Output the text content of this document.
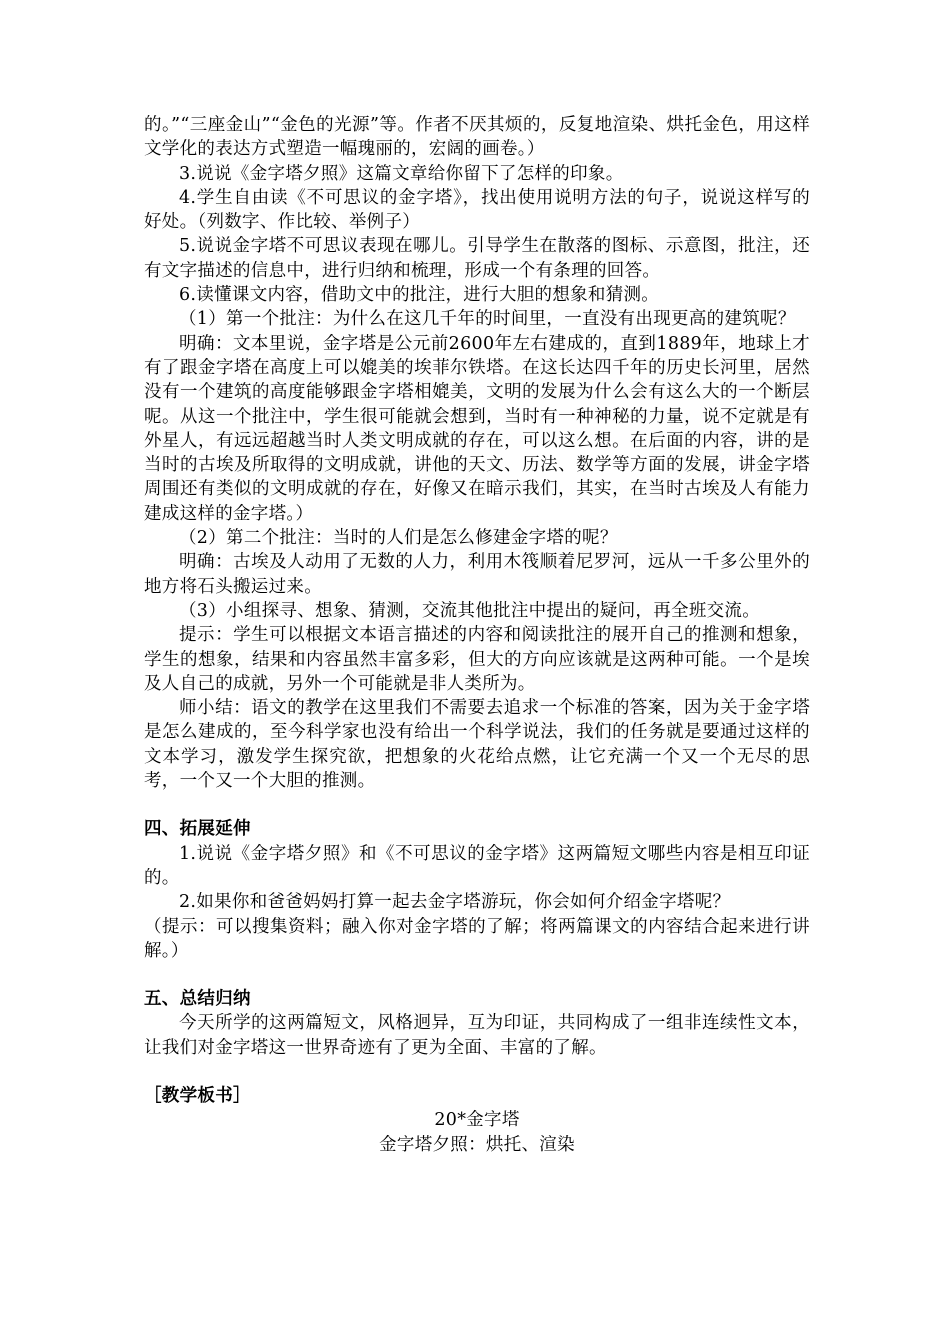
的。”“三座金山”“金色的光源”等。作者不厌其烦的，反复地渲染、烘托金色，用这样文学化的表达方式塑造一幅瑰丽的，宏阔的画卷。）

3.说说《金字塔夕照》这篇文章给你留下了怎样的印象。

4.学生自由读《不可思议的金字塔》，找出使用说明方法的句子，说说这样写的好处。（列数字、作比较、举例子）

5.说说金字塔不可思议表现在哪儿。引导学生在散落的图标、示意图，批注，还有文字描述的信息中，进行归纳和梳理，形成一个有条理的回答。

6.读懂课文内容，借助文中的批注，进行大胆的想象和猜测。

（1）第一个批注：为什么在这几千年的时间里，一直没有出现更高的建筑呢？

明确：文本里说，金字塔是公元前2600年左右建成的，直到1889年，地球上才有了跟金字塔在高度上可以媲美的埃菲尔铁塔。在这长达四千年的历史长河里，居然没有一个建筑的高度能够跟金字塔相媲美，文明的发展为什么会有这么大的一个断层呢。从这一个批注中，学生很可能就会想到，当时有一种神秘的力量，说不定就是有外星人，有远远超越当时人类文明成就的存在，可以这么想。在后面的内容，讲的是当时的古埃及所取得的文明成就，讲他的天文、历法、数学等方面的发展，讲金字塔周围还有类似的文明成就的存在，好像又在暗示我们，其实，在当时古埃及人有能力建成这样的金字塔。）

（2）第二个批注：当时的人们是怎么修建金字塔的呢？

明确：古埃及人动用了无数的人力，利用木筏顺着尼罗河，远从一千多公里外的地方将石头搬运过来。

（3）小组探寻、想象、猜测，交流其他批注中提出的疑问，再全班交流。

提示：学生可以根据文本语言描述的内容和阅读批注的展开自己的推测和想象，学生的想象，结果和内容虽然丰富多彩，但大的方向应该就是这两种可能。一个是埃及人自己的成就，另外一个可能就是非人类所为。

师小结：语文的教学在这里我们不需要去追求一个标准的答案，因为关于金字塔是怎么建成的，至今科学家也没有给出一个科学说法，我们的任务就是要通过这样的文本学习，激发学生探究欲，把想象的火花给点燃，让它充满一个又一个无尽的思考，一个又一个大胆的推测。

四、拓展延伸

1.说说《金字塔夕照》和《不可思议的金字塔》这两篇短文哪些内容是相互印证的。

2.如果你和爸爸妈妈打算一起去金字塔游玩，你会如何介绍金字塔呢？

（提示：可以搜集资料；融入你对金字塔的了解；将两篇课文的内容结合起来进行讲解。）

五、总结归纳

今天所学的这两篇短文，风格迥异，互为印证，共同构成了一组非连续性文本，让我们对金字塔这一世界奇迹有了更为全面、丰富的了解。

［教学板书］

20*金字塔

金字塔夕照：烘托、渲染
